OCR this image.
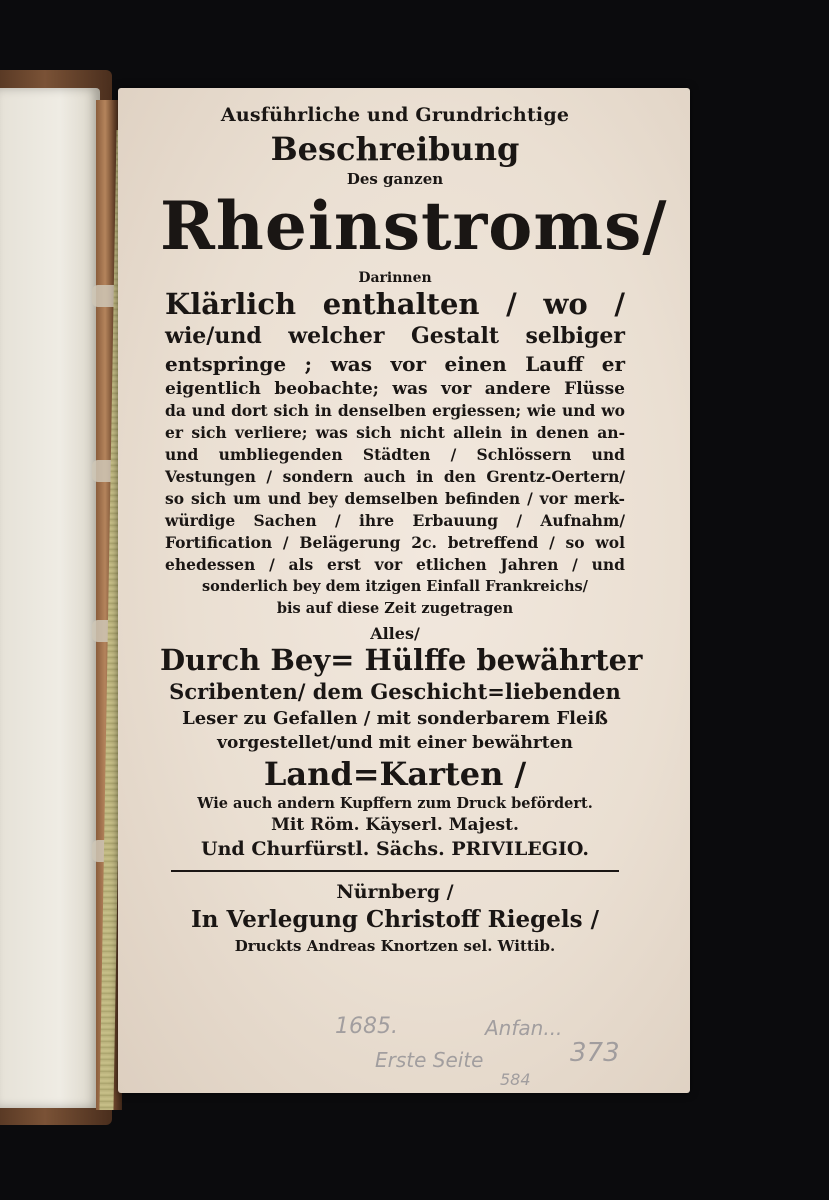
Ausführliche und Grundrichtige
Beschreibung
Des ganzen
Rheinstroms/
Darinnen
Klärlich enthalten / wo /
wie/und welcher Gestalt selbiger
entspringe ; was vor einen Lauff er
eigentlich beobachte; was vor andere Flüsse
da und dort sich in denselben ergiessen; wie und wo
er sich verliere; was sich nicht allein in denen an-
und umbliegenden Städten / Schlössern und
Vestungen / sondern auch in den Grentz-Oertern/
so sich um und bey demselben befinden / vor merk-
würdige Sachen / ihre Erbauung / Aufnahm/
Fortification / Belägerung 2c. betreffend / so wol
ehedessen / als erst vor etlichen Jahren / und
sonderlich bey dem itzigen Einfall Frankreichs/
bis auf diese Zeit zugetragen
Alles/
Durch Bey= Hülffe bewährter
Scribenten/ dem Geschicht=liebenden
Leser zu Gefallen / mit sonderbarem Fleiß
vorgestellet/und mit einer bewährten
Land=Karten /
Wie auch andern Kupffern zum Druck befördert.
Mit Röm. Käyserl. Majest.
Und Churfürstl. Sächs. PRIVILEGIO.
Nürnberg /
In Verlegung Christoff Riegels /
Druckts Andreas Knortzen sel. Wittib.
1685.	Anfan...
Erste Seite	373
584
